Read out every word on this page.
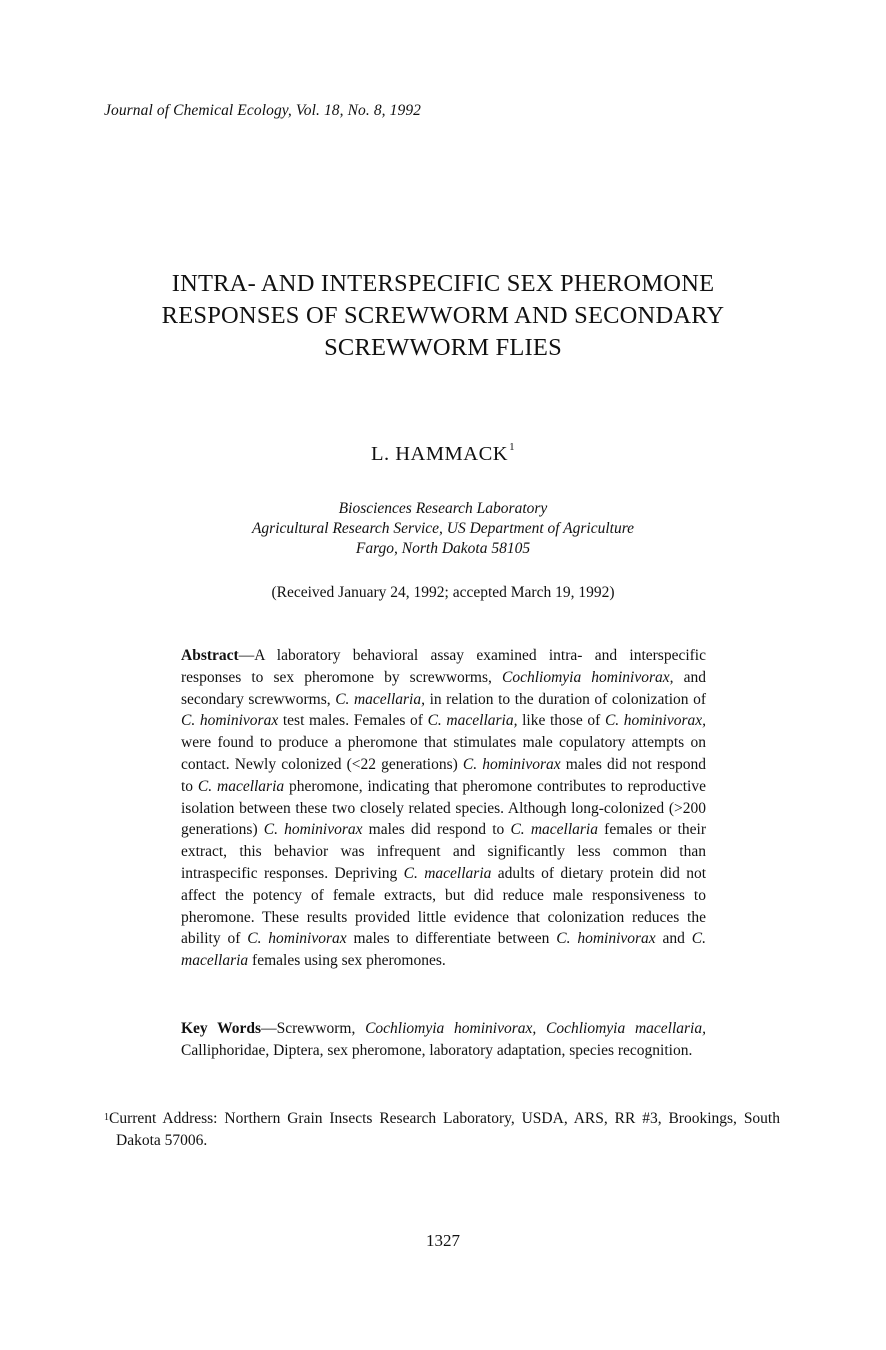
Journal of Chemical Ecology, Vol. 18, No. 8, 1992
INTRA- AND INTERSPECIFIC SEX PHEROMONE
RESPONSES OF SCREWWORM AND SECONDARY
SCREWWORM FLIES
L. HAMMACK$^1$
Biosciences Research Laboratory
Agricultural Research Service, US Department of Agriculture
Fargo, North Dakota 58105
(Received January 24, 1992; accepted March 19, 1992)
Abstract—A laboratory behavioral assay examined intra- and interspecific responses to sex pheromone by screwworms, Cochliomyia hominivorax, and secondary screwworms, C. macellaria, in relation to the duration of colonization of C. hominivorax test males. Females of C. macellaria, like those of C. hominivorax, were found to produce a pheromone that stimulates male copulatory attempts on contact. Newly colonized (<22 generations) C. hominivorax males did not respond to C. macellaria pheromone, indicating that pheromone contributes to reproductive isolation between these two closely related species. Although long-colonized (>200 generations) C. hominivorax males did respond to C. macellaria females or their extract, this behavior was infrequent and significantly less common than intraspecific responses. Depriving C. macellaria adults of dietary protein did not affect the potency of female extracts, but did reduce male responsiveness to pheromone. These results provided little evidence that colonization reduces the ability of C. hominivorax males to differentiate between C. hominivorax and C. macellaria females using sex pheromones.
Key Words—Screwworm, Cochliomyia hominivorax, Cochliomyia macellaria, Calliphoridae, Diptera, sex pheromone, laboratory adaptation, species recognition.
$^1$Current Address: Northern Grain Insects Research Laboratory, USDA, ARS, RR #3, Brookings, South Dakota 57006.
1327
